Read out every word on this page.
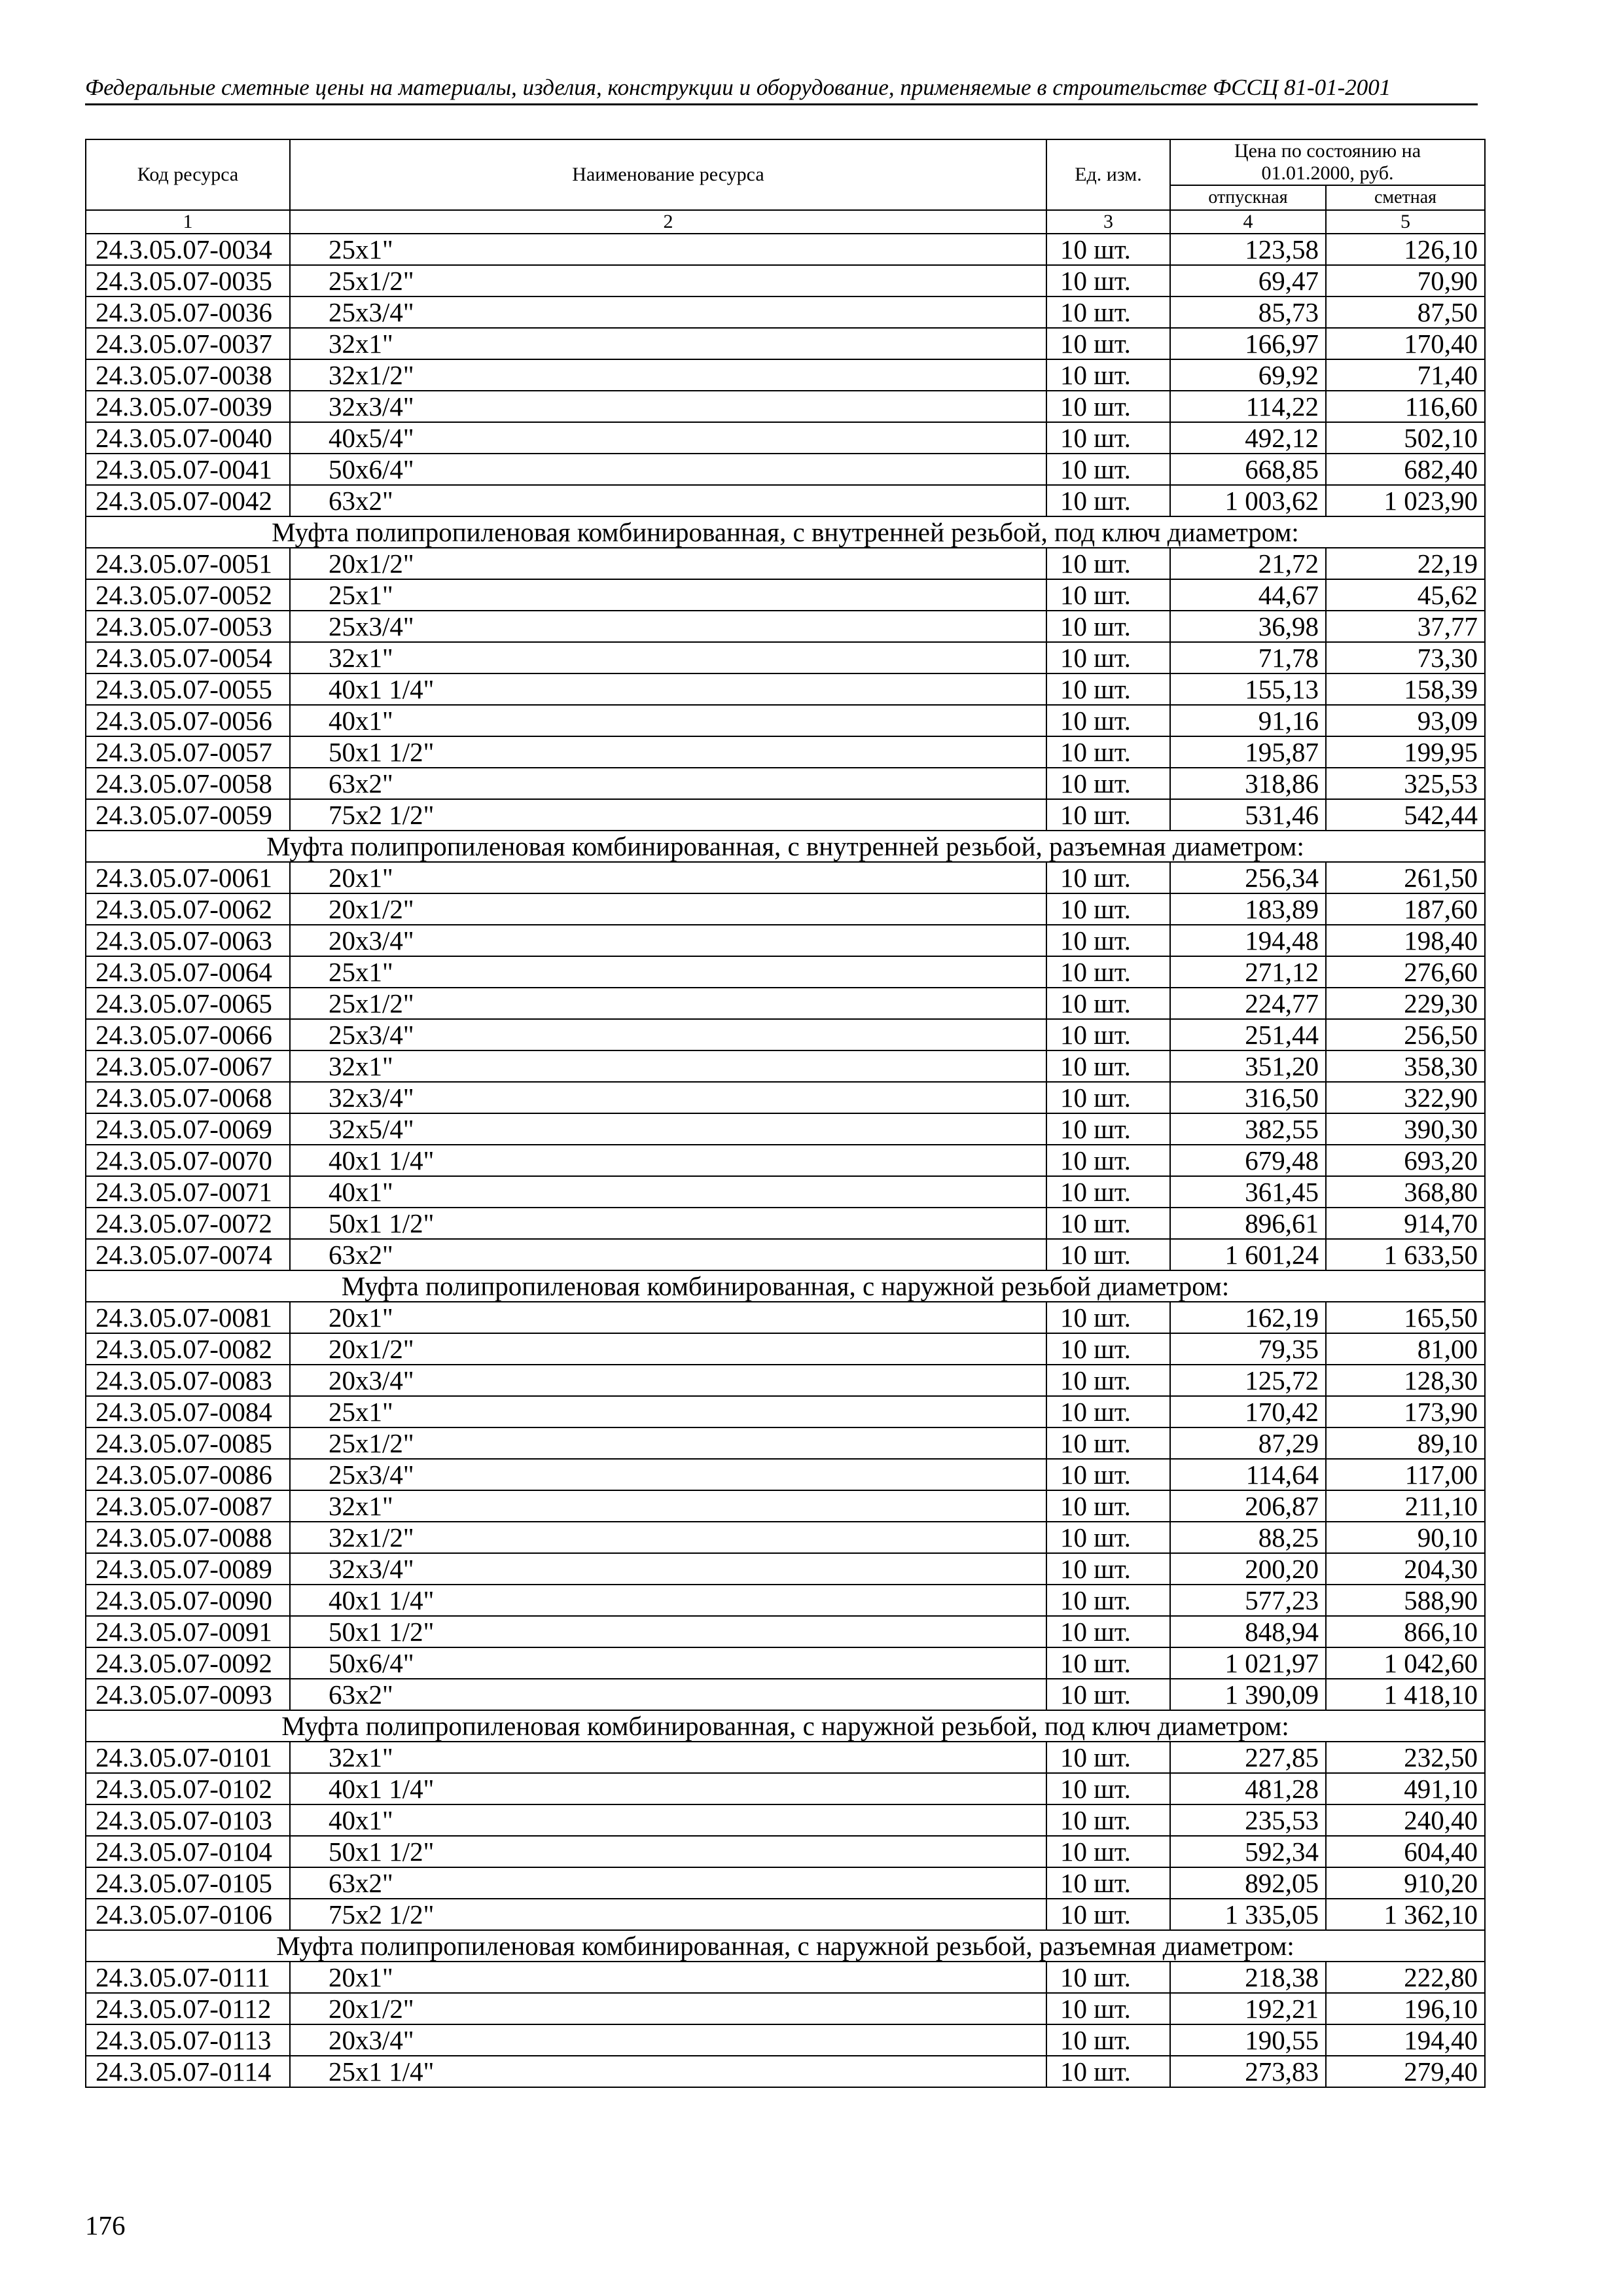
Федеральные сметные цены на материалы, изделия, конструкции и оборудование, применяемые в строительстве ФССЦ 81-01-2001
Код ресурса	Наименование ресурса	Ед. изм.	Цена по состоянию на	
			01.01.2000, руб.	
			отпускная	сметная
1	2	3	4	5
24.3.05.07-0034	25x1"	10 шт.	123,58	126,10
24.3.05.07-0035	25x1/2"	10 шт.	69,47	70,90
24.3.05.07-0036	25x3/4"	10 шт.	85,73	87,50
24.3.05.07-0037	32x1"	10 шт.	166,97	170,40
24.3.05.07-0038	32x1/2"	10 шт.	69,92	71,40
24.3.05.07-0039	32x3/4"	10 шт.	114,22	116,60
24.3.05.07-0040	40x5/4"	10 шт.	492,12	502,10
24.3.05.07-0041	50x6/4"	10 шт.	668,85	682,40
24.3.05.07-0042	63x2"	10 шт.	1 003,62	1 023,90
Муфта полипропиленовая комбинированная, с внутренней резьбой, под ключ диаметром:				
24.3.05.07-0051	20x1/2"	10 шт.	21,72	22,19
24.3.05.07-0052	25x1"	10 шт.	44,67	45,62
24.3.05.07-0053	25x3/4"	10 шт.	36,98	37,77
24.3.05.07-0054	32x1"	10 шт.	71,78	73,30
24.3.05.07-0055	40x1 1/4"	10 шт.	155,13	158,39
24.3.05.07-0056	40x1"	10 шт.	91,16	93,09
24.3.05.07-0057	50x1 1/2"	10 шт.	195,87	199,95
24.3.05.07-0058	63x2"	10 шт.	318,86	325,53
24.3.05.07-0059	75x2 1/2"	10 шт.	531,46	542,44
Муфта полипропиленовая комбинированная, с внутренней резьбой, разъемная диаметром:				
24.3.05.07-0061	20x1"	10 шт.	256,34	261,50
24.3.05.07-0062	20x1/2"	10 шт.	183,89	187,60
24.3.05.07-0063	20x3/4"	10 шт.	194,48	198,40
24.3.05.07-0064	25x1"	10 шт.	271,12	276,60
24.3.05.07-0065	25x1/2"	10 шт.	224,77	229,30
24.3.05.07-0066	25x3/4"	10 шт.	251,44	256,50
24.3.05.07-0067	32x1"	10 шт.	351,20	358,30
24.3.05.07-0068	32x3/4"	10 шт.	316,50	322,90
24.3.05.07-0069	32x5/4"	10 шт.	382,55	390,30
24.3.05.07-0070	40x1 1/4"	10 шт.	679,48	693,20
24.3.05.07-0071	40x1"	10 шт.	361,45	368,80
24.3.05.07-0072	50x1 1/2"	10 шт.	896,61	914,70
24.3.05.07-0074	63x2"	10 шт.	1 601,24	1 633,50
Муфта полипропиленовая комбинированная, с наружной резьбой диаметром:				
24.3.05.07-0081	20x1"	10 шт.	162,19	165,50
24.3.05.07-0082	20x1/2"	10 шт.	79,35	81,00
24.3.05.07-0083	20x3/4"	10 шт.	125,72	128,30
24.3.05.07-0084	25x1"	10 шт.	170,42	173,90
24.3.05.07-0085	25x1/2"	10 шт.	87,29	89,10
24.3.05.07-0086	25x3/4"	10 шт.	114,64	117,00
24.3.05.07-0087	32x1"	10 шт.	206,87	211,10
24.3.05.07-0088	32x1/2"	10 шт.	88,25	90,10
24.3.05.07-0089	32x3/4"	10 шт.	200,20	204,30
24.3.05.07-0090	40x1 1/4"	10 шт.	577,23	588,90
24.3.05.07-0091	50x1 1/2"	10 шт.	848,94	866,10
24.3.05.07-0092	50x6/4"	10 шт.	1 021,97	1 042,60
24.3.05.07-0093	63x2"	10 шт.	1 390,09	1 418,10
Муфта полипропиленовая комбинированная, с наружной резьбой, под ключ диаметром:				
24.3.05.07-0101	32x1"	10 шт.	227,85	232,50
24.3.05.07-0102	40x1 1/4"	10 шт.	481,28	491,10
24.3.05.07-0103	40x1"	10 шт.	235,53	240,40
24.3.05.07-0104	50x1 1/2"	10 шт.	592,34	604,40
24.3.05.07-0105	63x2"	10 шт.	892,05	910,20
24.3.05.07-0106	75x2 1/2"	10 шт.	1 335,05	1 362,10
Муфта полипропиленовая комбинированная, с наружной резьбой, разъемная диаметром:				
24.3.05.07-0111	20x1"	10 шт.	218,38	222,80
24.3.05.07-0112	20x1/2"	10 шт.	192,21	196,10
24.3.05.07-0113	20x3/4"	10 шт.	190,55	194,40
24.3.05.07-0114	25x1 1/4"	10 шт.	273,83	279,40
176
